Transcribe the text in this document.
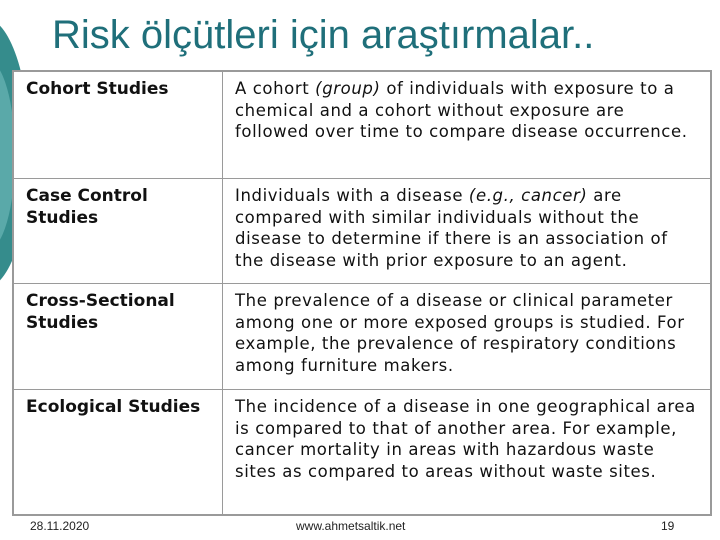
Risk ölçütleri için araştırmalar..
Cohort Studies	A cohort (group) of individuals with exposure to a chemical and a cohort without exposure are followed over time to compare disease occurrence.
Case Control Studies	Individuals with a disease (e.g., cancer) are compared with similar individuals without the disease to determine if there is an association of the disease with prior exposure to an agent.
Cross-Sectional Studies	The prevalence of a disease or clinical parameter among one or more exposed groups is studied. For example, the prevalence of respiratory conditions among furniture makers.
Ecological Studies	The incidence of a disease in one geographical area is compared to that of another area. For example, cancer mortality in areas with hazardous waste sites as compared to areas without waste sites.
28.11.2020	www.ahmetsaltik.net	19
